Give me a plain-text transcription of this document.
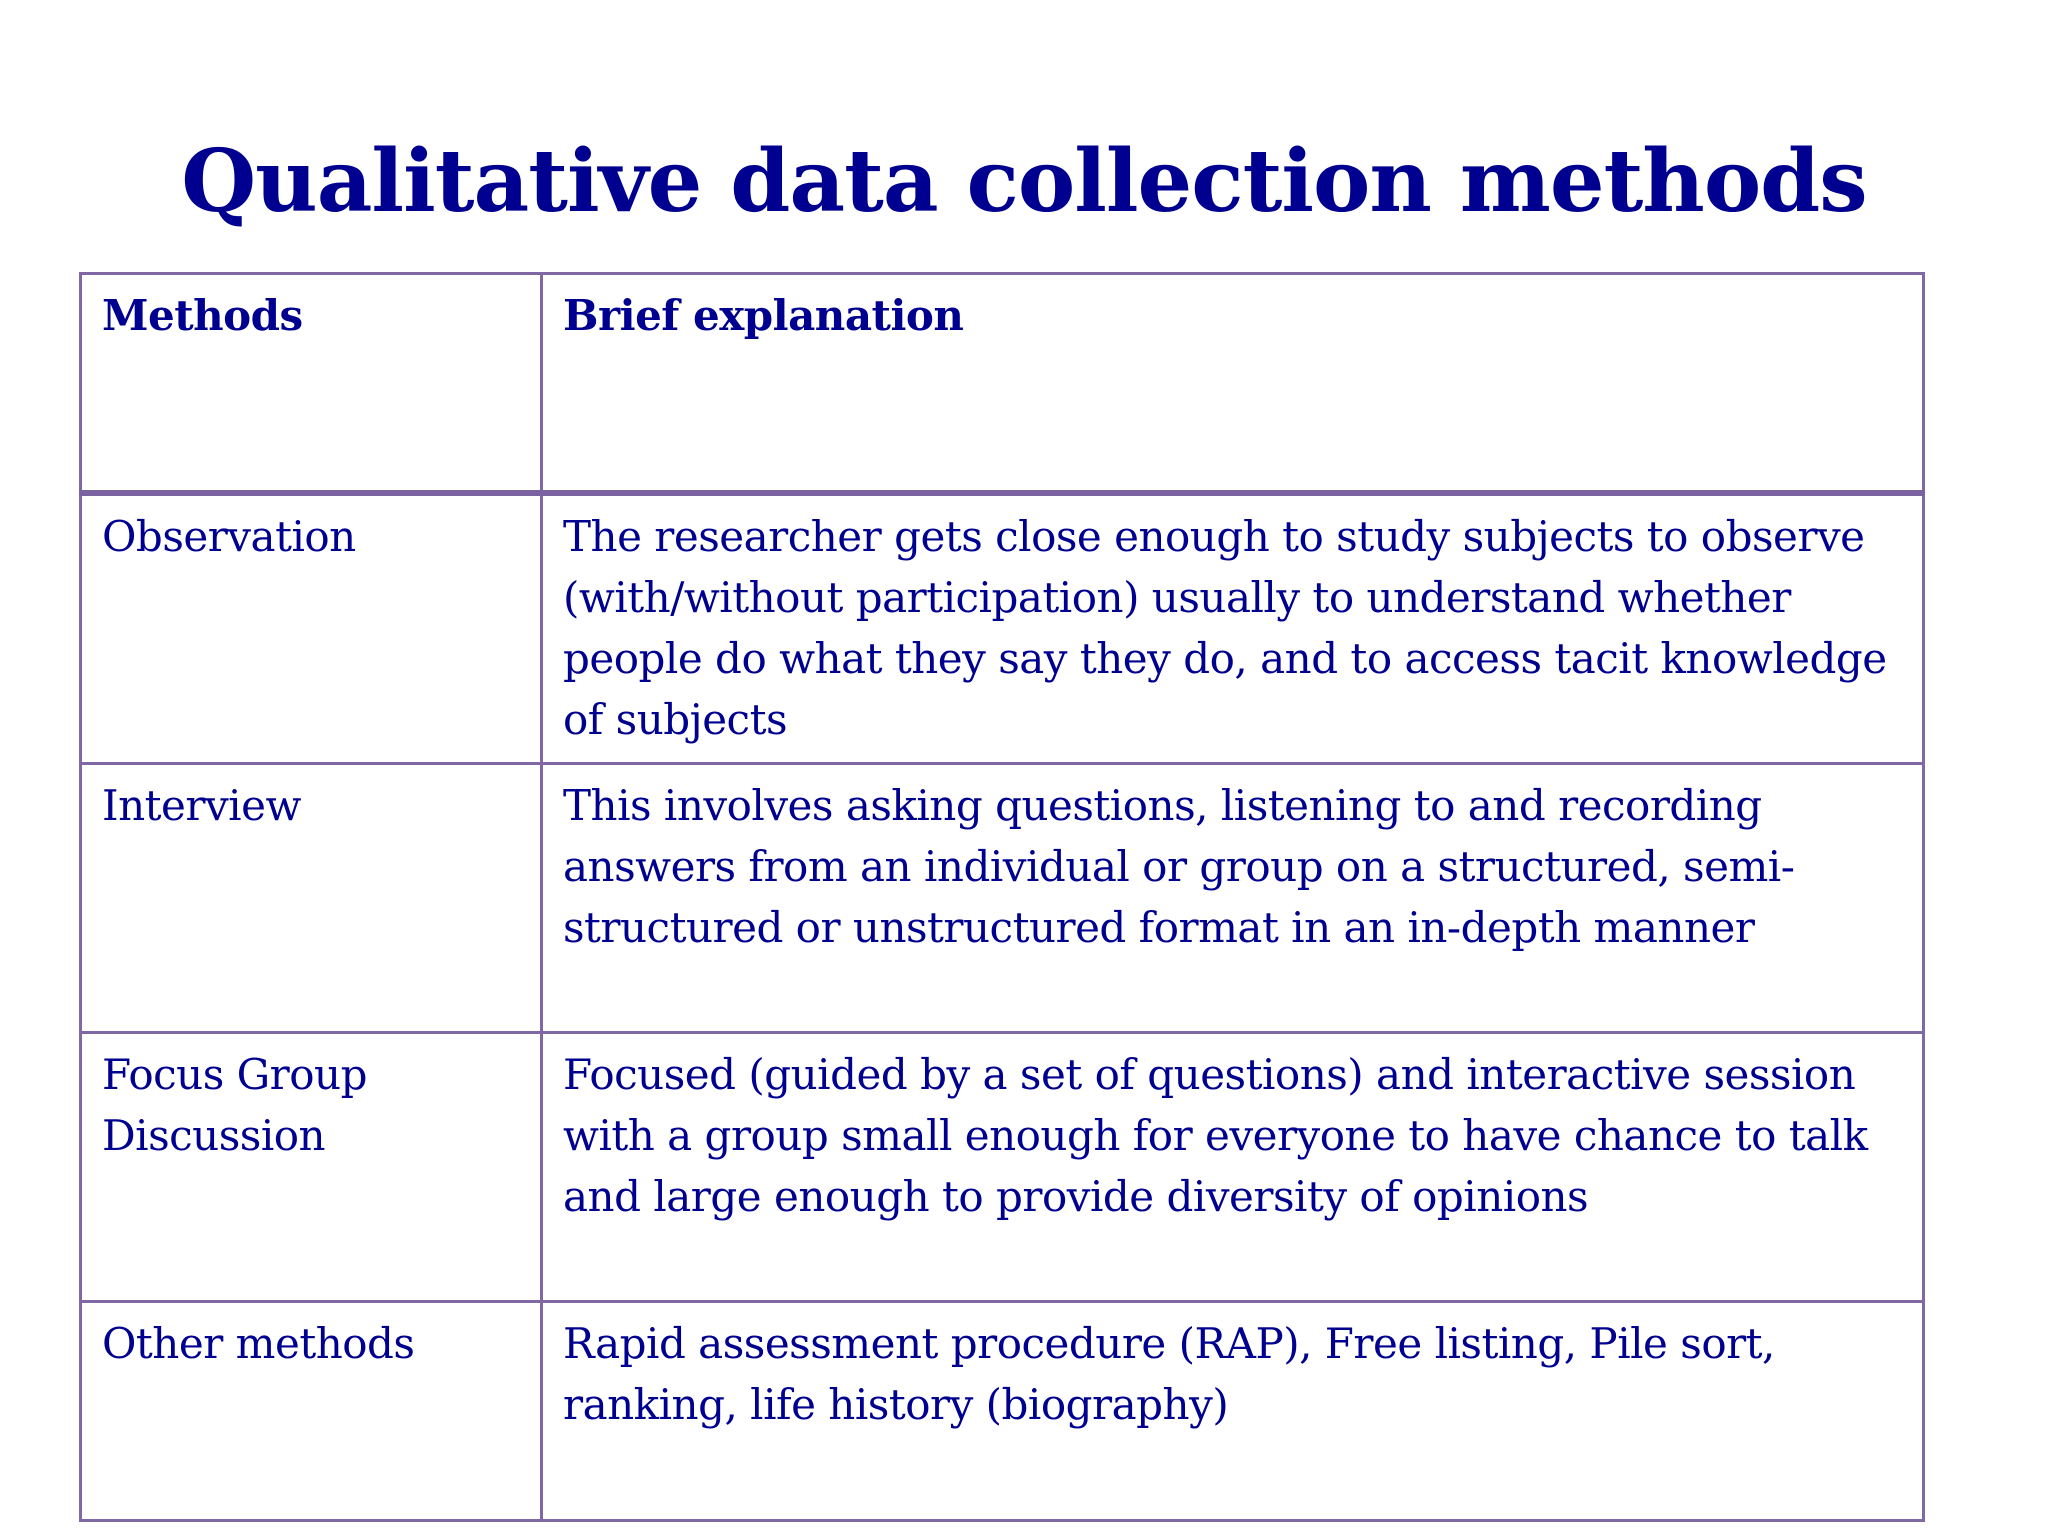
Qualitative data collection methods
Methods	Brief explanation
Observation	The researcher gets close enough to study subjects to observe (with/without participation) usually to understand whether people do what they say they do, and to access tacit knowledge of subjects
Interview	This involves asking questions, listening to and recording answers from an individual or group on a structured, semi-structured or unstructured format in an in-depth manner
Focus Group Discussion	Focused (guided by a set of questions) and interactive session with a group small enough for everyone to have chance to talk and large enough to provide diversity of opinions
Other methods	Rapid assessment procedure (RAP), Free listing, Pile sort, ranking, life history (biography)
